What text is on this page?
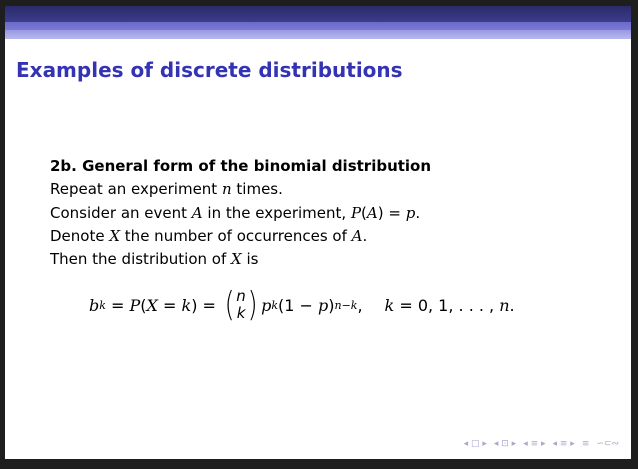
Examples of discrete distributions
2b. General form of the binomial distribution
Repeat an experiment n times.
Consider an event A in the experiment, P(A) = p.
Denote X the number of occurrences of A.
Then the distribution of X is
b k = P ( X = k ) = ( n
k ) p k (1 − p ) n−k , k = 0, 1, . . . , n .
◂ □ ▸ ◂ ⊡ ▸ ◂ ≡ ▸ ◂ ≡ ▸ ≡ ∽⊂∾
